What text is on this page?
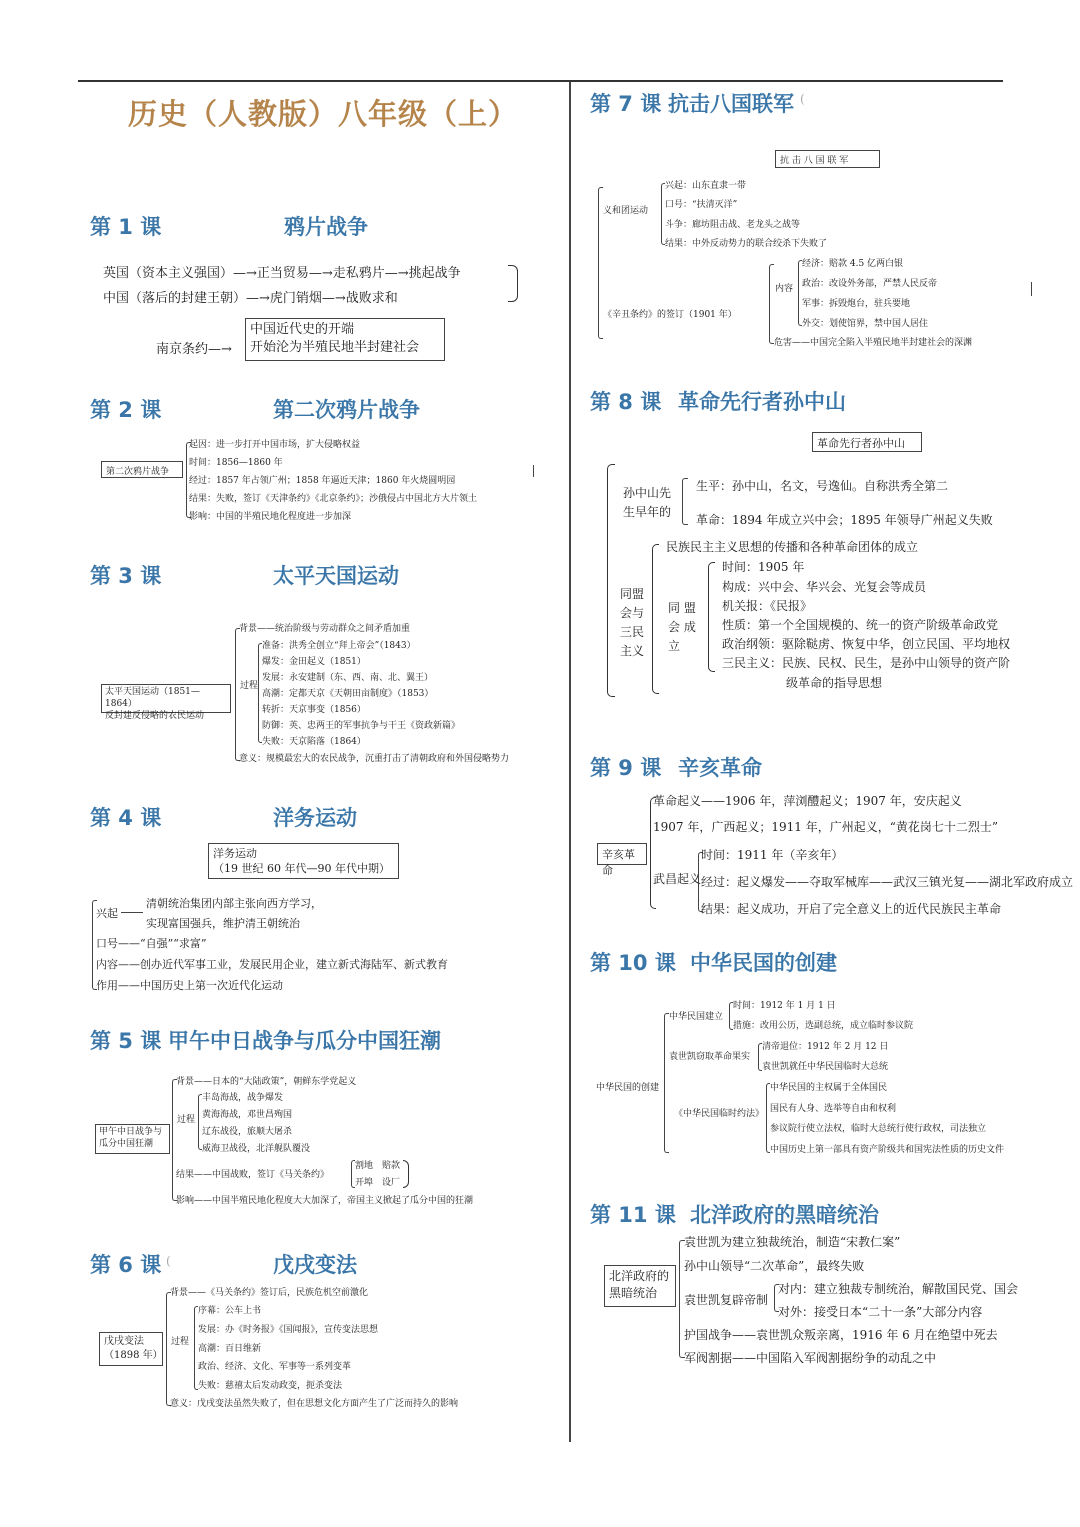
历史（人教版）八年级（上）
第 1 课	鸦片战争
英国（资本主义强国）—→正当贸易—→走私鸦片—→挑起战争
中国（落后的封建王朝）—→虎门销烟—→战败求和
南京条约—→
中国近代史的开端
开始沦为半殖民地半封建社会
第 2 课	第二次鸦片战争
第二次鸦片战争
起因：进一步打开中国市场，扩大侵略权益
时间：1856—1860 年
经过：1857 年占领广州；1858 年逼近天津；1860 年火烧圆明园
结果：失败，签订《天津条约》《北京条约》；沙俄侵占中国北方大片领土
影响：中国的半殖民地化程度进一步加深
第 3 课	太平天国运动
太平天国运动（1851—1864）
反封建反侵略的农民运动
背景——统治阶级与劳动群众之间矛盾加重
过程
准备：洪秀全创立“拜上帝会”（1843）
爆发：金田起义（1851）
发展：永安建制（东、西、南、北、翼王）
高潮：定都天京《天朝田亩制度》（1853）
转折：天京事变（1856）
防御：英、忠两王的军事抗争与干王《资政新篇》
失败：天京陷落（1864）
意义：规模最宏大的农民战争，沉重打击了清朝政府和外国侵略势力
第 4 课	洋务运动
洋务运动
（19 世纪 60 年代—90 年代中期）
兴起
清朝统治集团内部主张向西方学习，
实现富国强兵，维护清王朝统治
口号——“自强”“求富”
内容——创办近代军事工业，发展民用企业，建立新式海陆军、新式教育
作用——中国历史上第一次近代化运动
第 5 课 甲午中日战争与瓜分中国狂潮
甲午中日战争与
瓜分中国狂潮
背景——日本的“大陆政策”，朝鲜东学党起义
过程
丰岛海战，战争爆发
黄海海战，邓世昌殉国
辽东战役，旅顺大屠杀
威海卫战役，北洋舰队覆没
结果——中国战败，签订《马关条约》
割地　赔款
开埠　设厂
影响——中国半殖民地化程度大大加深了，帝国主义掀起了瓜分中国的狂潮
第 6 课 (	戊戌变法
戊戌变法
（1898 年）
背景——《马关条约》签订后，民族危机空前激化
过程
序幕：公车上书
发展：办《时务报》《国闻报》，宣传变法思想
高潮：百日维新
政治、经济、文化、军事等一系列变革
失败：慈禧太后发动政变，扼杀变法
意义：戊戌变法虽然失败了，但在思想文化方面产生了广泛而持久的影响
第 7 课 抗击八国联军 (
抗 击 八 国 联 军
义和团运动
兴起：山东直隶一带
口号：“扶清灭洋”
斗争：廊坊阻击战、老龙头之战等
结果：中外反动势力的联合绞杀下失败了
《辛丑条约》的签订（1901 年）
内容
经济：赔款 4.5 亿两白银
政治：改设外务部，严禁人民反帝
军事：拆毁炮台，驻兵要地
外交：划使馆界，禁中国人居住
危害——中国完全陷入半殖民地半封建社会的深渊
第 8 课 革命先行者孙中山
革命先行者孙中山
孙中山先
生早年的
生平：孙中山，名文，号逸仙。自称洪秀全第二
革命：1894 年成立兴中会；1895 年领导广州起义失败
同盟
会与
三民
主义
民族民主主义思想的传播和各种革命团体的成立
同 盟
会 成
立
时间：1905 年
构成：兴中会、华兴会、光复会等成员
机关报：《民报》
性质：第一个全国规模的、统一的资产阶级革命政党
政治纲领：驱除鞑虏、恢复中华，创立民国、平均地权
三民主义：民族、民权、民生，是孙中山领导的资产阶
级革命的指导思想
第 9 课 辛亥革命
辛亥革命
革命起义——1906 年，萍浏醴起义；1907 年，安庆起义
1907 年，广西起义；1911 年，广州起义，“黄花岗七十二烈士”
武昌起义
时间：1911 年（辛亥年）
经过：起义爆发——夺取军械库——武汉三镇光复——湖北军政府成立
结果：起义成功，开启了完全意义上的近代民族民主革命
第 10 课 中华民国的创建
中华民国的创建
中华民国建立
时间：1912 年 1 月 1 日
措施：改用公历，选副总统，成立临时参议院
袁世凯窃取革命果实
清帝退位：1912 年 2 月 12 日
袁世凯就任中华民国临时大总统
《中华民国临时约法》
中华民国的主权属于全体国民
国民有人身、选举等自由和权利
参议院行使立法权，临时大总统行使行政权，司法独立
中国历史上第一部具有资产阶级共和国宪法性质的历史文件
第 11 课 北洋政府的黑暗统治
北洋政府的
黑暗统治
袁世凯为建立独裁统治，制造“宋教仁案”
孙中山领导“二次革命”，最终失败
袁世凯复辟帝制
对内：建立独裁专制统治，解散国民党、国会
对外：接受日本“二十一条”大部分内容
护国战争——袁世凯众叛亲离，1916 年 6 月在绝望中死去
军阀割据——中国陷入军阀割据纷争的动乱之中
